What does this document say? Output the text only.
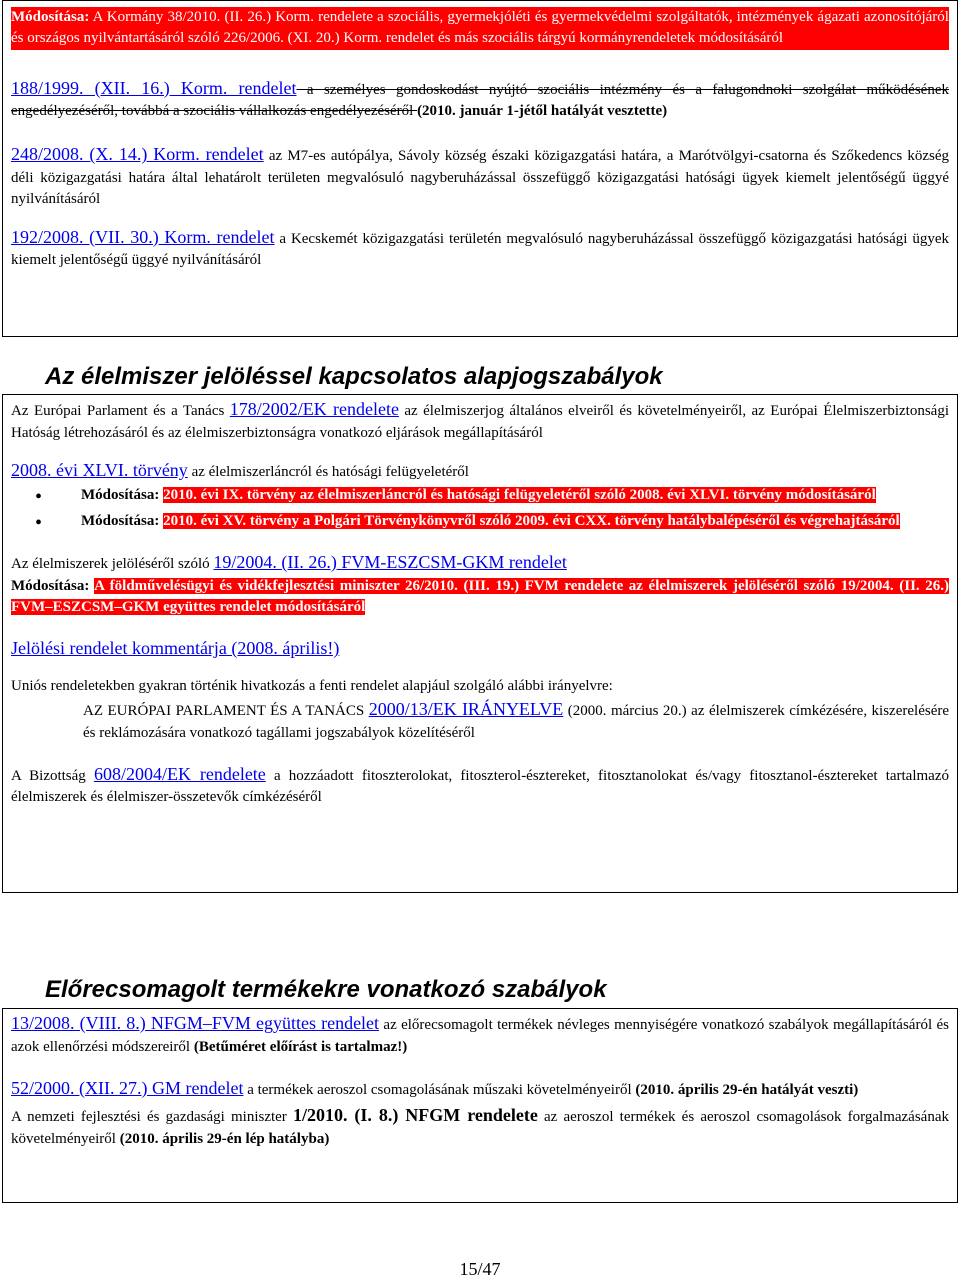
Módosítása: A Kormány 38/2010. (II. 26.) Korm. rendelete a szociális, gyermekjóléti és gyermekvédelmi szolgáltatók, intézmények ágazati azonosítójáról és országos nyilvántartásáról szóló 226/2006. (XI. 20.) Korm. rendelet és más szociális tárgyú kormányrendeletek módosításáról

188/1999. (XII. 16.) Korm. rendelet a személyes gondoskodást nyújtó szociális intézmény és a falugondnoki szolgálat működésének engedélyezéséről, továbbá a szociális vállalkozás engedélyezéséről (2010. január 1-jétől hatályát vesztette)

248/2008. (X. 14.) Korm. rendelet az M7-es autópálya, Sávoly község északi közigazgatási határa, a Marótvölgyi-csatorna és Szőkedencs község déli közigazgatási határa által lehatárolt területen megvalósuló nagyberuházással összefüggő közigazgatási hatósági ügyek kiemelt jelentőségű üggyé nyilvánításáról

192/2008. (VII. 30.) Korm. rendelet a Kecskemét közigazgatási területén megvalósuló nagyberuházással összefüggő közigazgatási hatósági ügyek kiemelt jelentőségű üggyé nyilvánításáról

Az élelmiszer jelöléssel kapcsolatos alapjogszabályok

Az Európai Parlament és a Tanács 178/2002/EK rendelete az élelmiszerjog általános elveiről és követelményeiről, az Európai Élelmiszerbiztonsági Hatóság létrehozásáról és az élelmiszerbiztonságra vonatkozó eljárások megállapításáról

2008. évi XLVI. törvény az élelmiszerláncról és hatósági felügyeletéről

• Módosítása: 2010. évi IX. törvény az élelmiszerláncról és hatósági felügyeletéről szóló 2008. évi XLVI. törvény módosításáról
• Módosítása: 2010. évi XV. törvény a Polgári Törvénykönyvről szóló 2009. évi CXX. törvény hatálybalépéséről és végrehajtásáról

Az élelmiszerek jelöléséről szóló 19/2004. (II. 26.) FVM-ESZCSM-GKM rendelet

Módosítása: A földművelésügyi és vidékfejlesztési miniszter 26/2010. (III. 19.) FVM rendelete az élelmiszerek jelöléséről szóló 19/2004. (II. 26.) FVM–ESZCSM–GKM együttes rendelet módosításáról

Jelölési rendelet kommentárja (2008. április!)

Uniós rendeletekben gyakran történik hivatkozás a fenti rendelet alapjául szolgáló alábbi irányelvre:

AZ EURÓPAI PARLAMENT ÉS A TANÁCS 2000/13/EK IRÁNYELVE (2000. március 20.) az élelmiszerek címkézésére, kiszerelésére és reklámozására vonatkozó tagállami jogszabályok közelítéséről

A Bizottság 608/2004/EK rendelete a hozzáadott fitoszterolokat, fitoszterol-észtereket, fitosztanolokat és/vagy fitosztanol-észtereket tartalmazó élelmiszerek és élelmiszer-összetevők címkézéséről

Előrecsomagolt termékekre vonatkozó szabályok

13/2008. (VIII. 8.) NFGM–FVM együttes rendelet az előrecsomagolt termékek névleges mennyiségére vonatkozó szabályok megállapításáról és azok ellenőrzési módszereiről (Betűméret előírást is tartalmaz!)

52/2000. (XII. 27.) GM rendelet a termékek aeroszol csomagolásának műszaki követelményeiről (2010. április 29-én hatályát veszti)

A nemzeti fejlesztési és gazdasági miniszter 1/2010. (I. 8.) NFGM rendelete az aeroszol termékek és aeroszol csomagolások forgalmazásának követelményeiről (2010. április 29-én lép hatályba)

15/47
